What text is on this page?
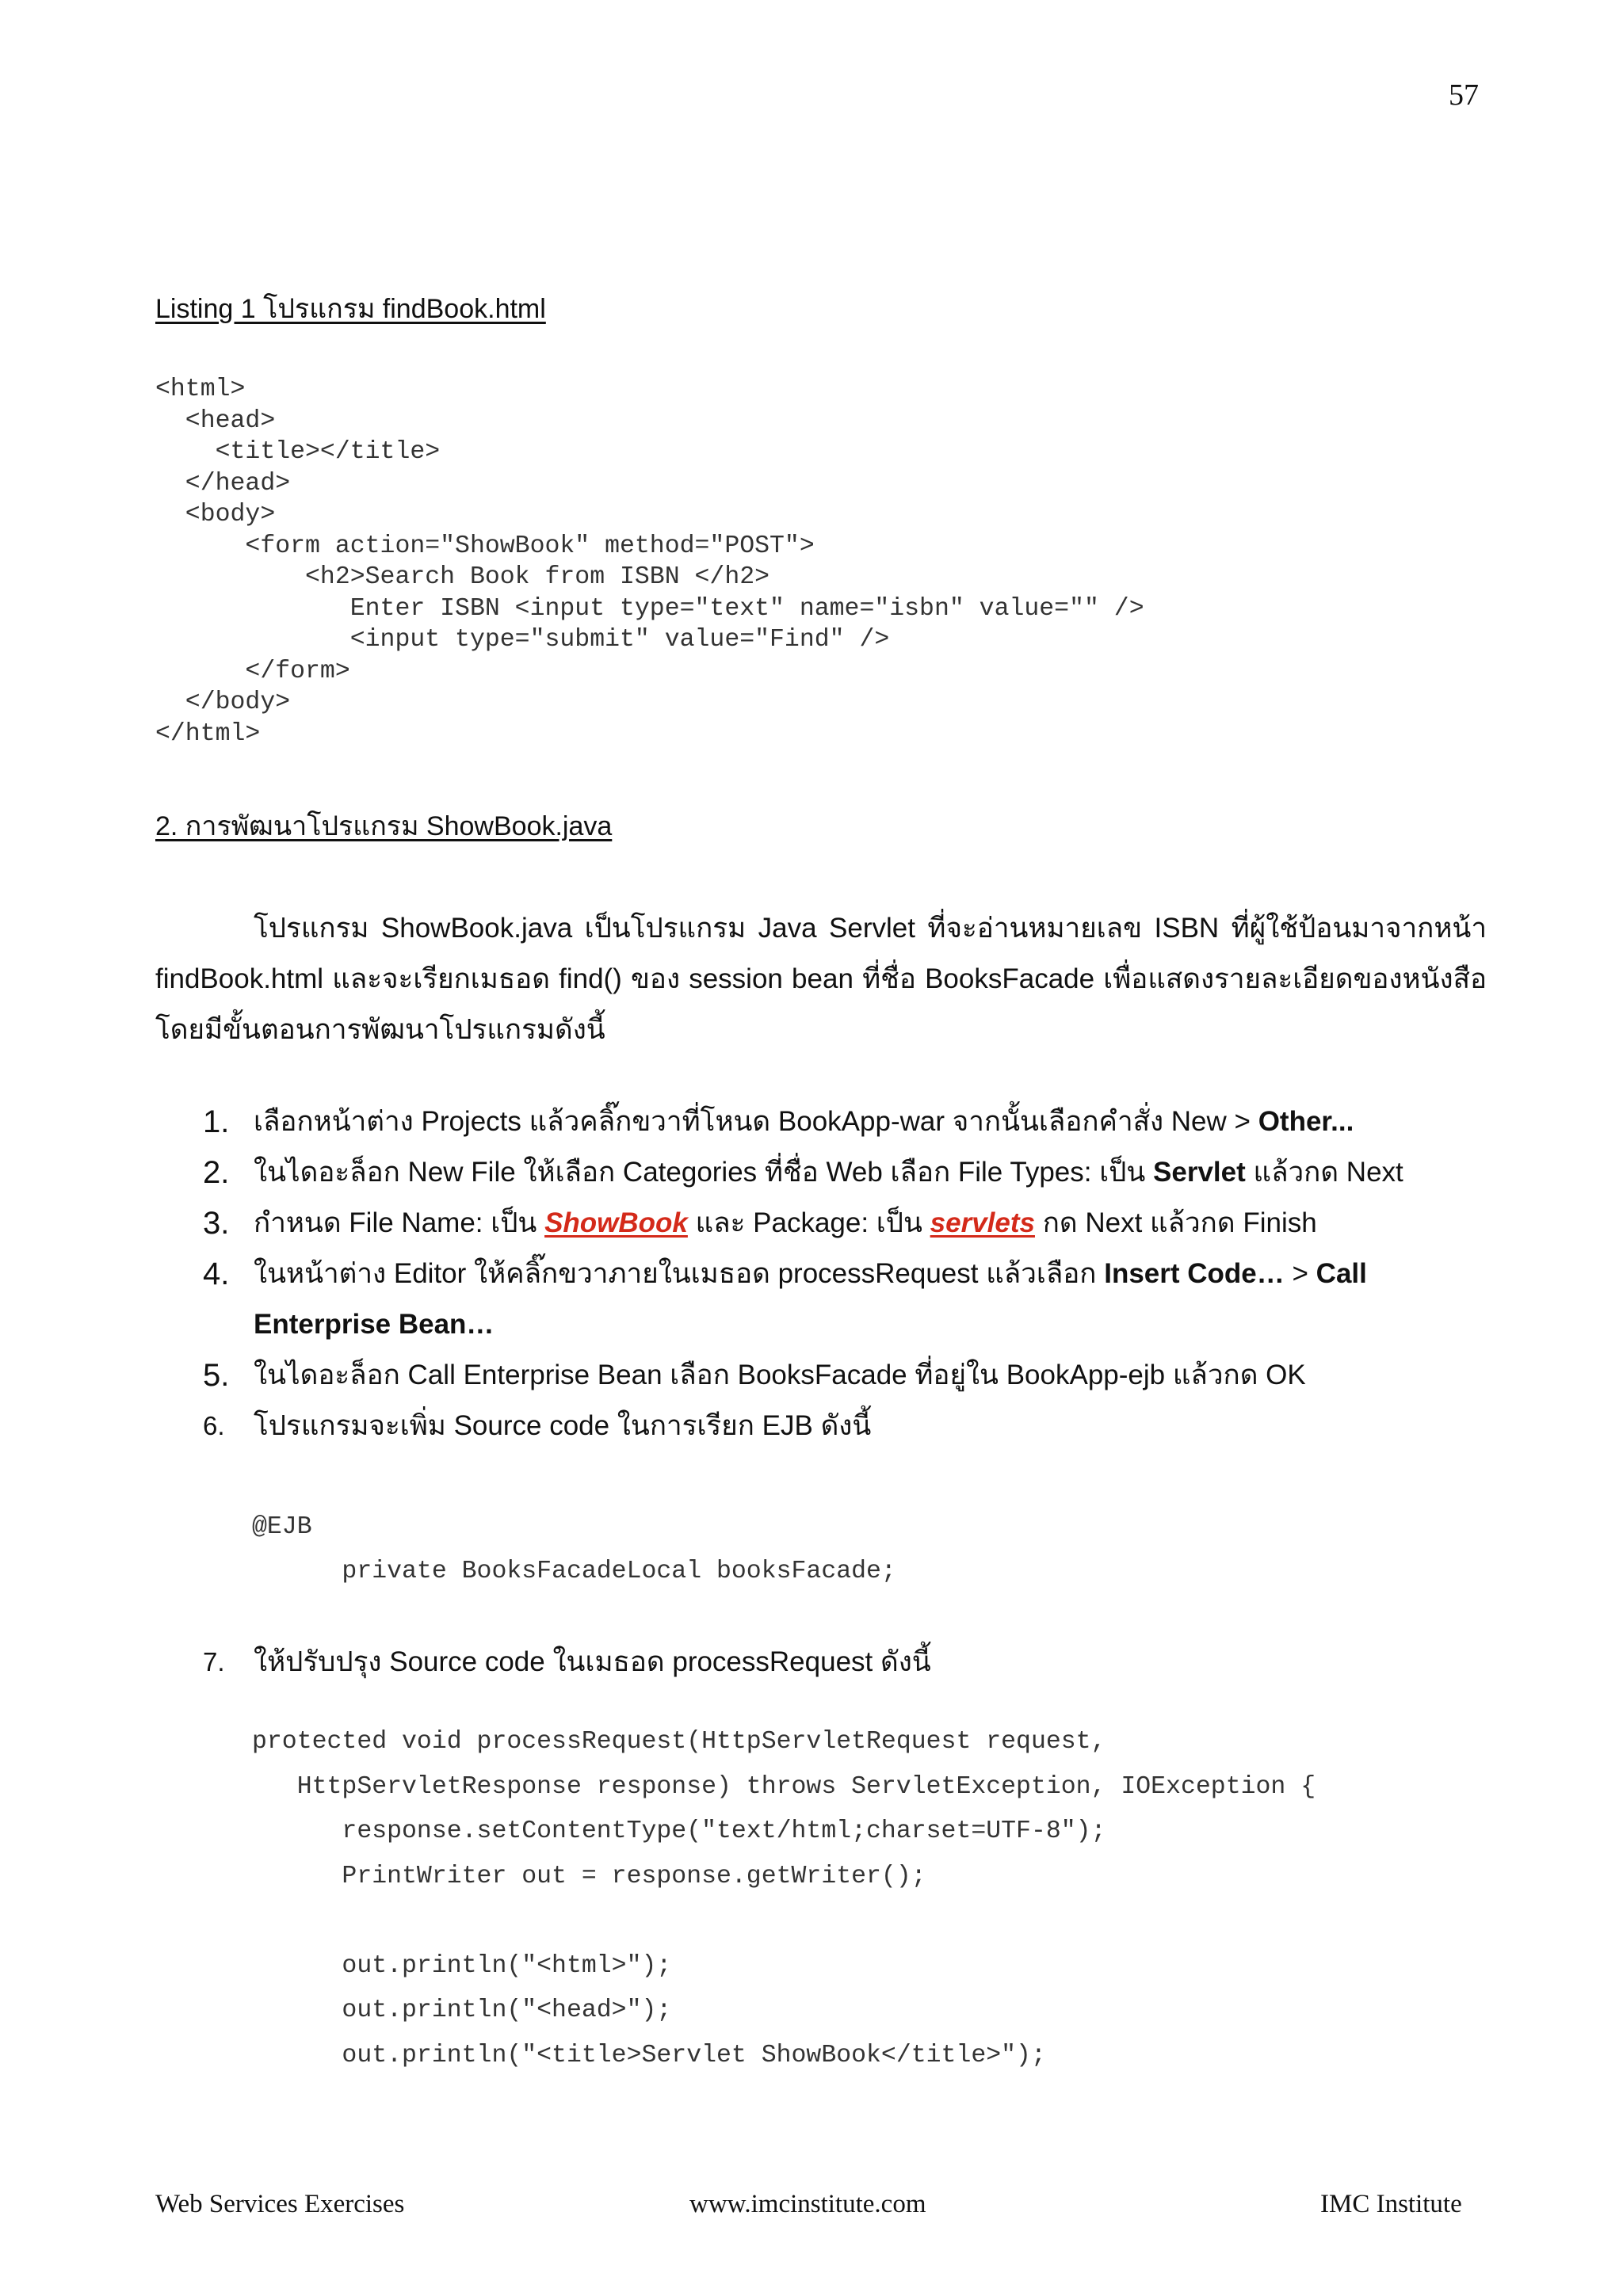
57
Listing 1 โปรแกรม findBook.html
<html>
<head>
<title></title>
</head>
<body>
<form action="ShowBook" method="POST">
<h2>Search Book from ISBN </h2>
Enter ISBN <input type="text" name="isbn" value="" />
<input type="submit" value="Find" />
</form>
</body>
</html>
2. การพัฒนาโปรแกรม ShowBook.java

โปรแกรม ShowBook.java เป็นโปรแกรม Java Servlet ที่จะอ่านหมายเลข ISBN ที่ผู้ใช้ป้อนมาจากหน้า findBook.html และจะเรียกเมธอด find() ของ session bean ที่ชื่อ BooksFacade เพื่อแสดงรายละเอียดของหนังสือ โดยมีขั้นตอนการพัฒนาโปรแกรมดังนี้

1. เลือกหน้าต่าง Projects แล้วคลิ๊กขวาที่โหนด BookApp-war จากนั้นเลือกคำสั่ง New > Other...
2. ในไดอะล็อก New File ให้เลือก Categories ที่ชื่อ Web เลือก File Types: เป็น Servlet แล้วกด Next
3. กำหนด File Name: เป็น ShowBook และ Package: เป็น servlets กด Next แล้วกด Finish
4. ในหน้าต่าง Editor ให้คลิ๊กขวาภายในเมธอด processRequest แล้วเลือก Insert Code… > Call Enterprise Bean…
5. ในไดอะล็อก Call Enterprise Bean เลือก BooksFacade ที่อยู่ใน BookApp-ejb แล้วกด OK
6.	โปรแกรมจะเพิ่ม Source code ในการเรียก EJB ดังนี้
@EJB
private BooksFacadeLocal booksFacade;
7.	ให้ปรับปรุง Source code ในเมธอด processRequest ดังนี้
protected void processRequest(HttpServletRequest request,
HttpServletResponse response) throws ServletException, IOException {
response.setContentType("text/html;charset=UTF-8");
PrintWriter out = response.getWriter();

out.println("<html>");
out.println("<head>");
out.println("<title>Servlet ShowBook</title>");
Web Services Exercises	www.imcinstitute.com	IMC Institute
